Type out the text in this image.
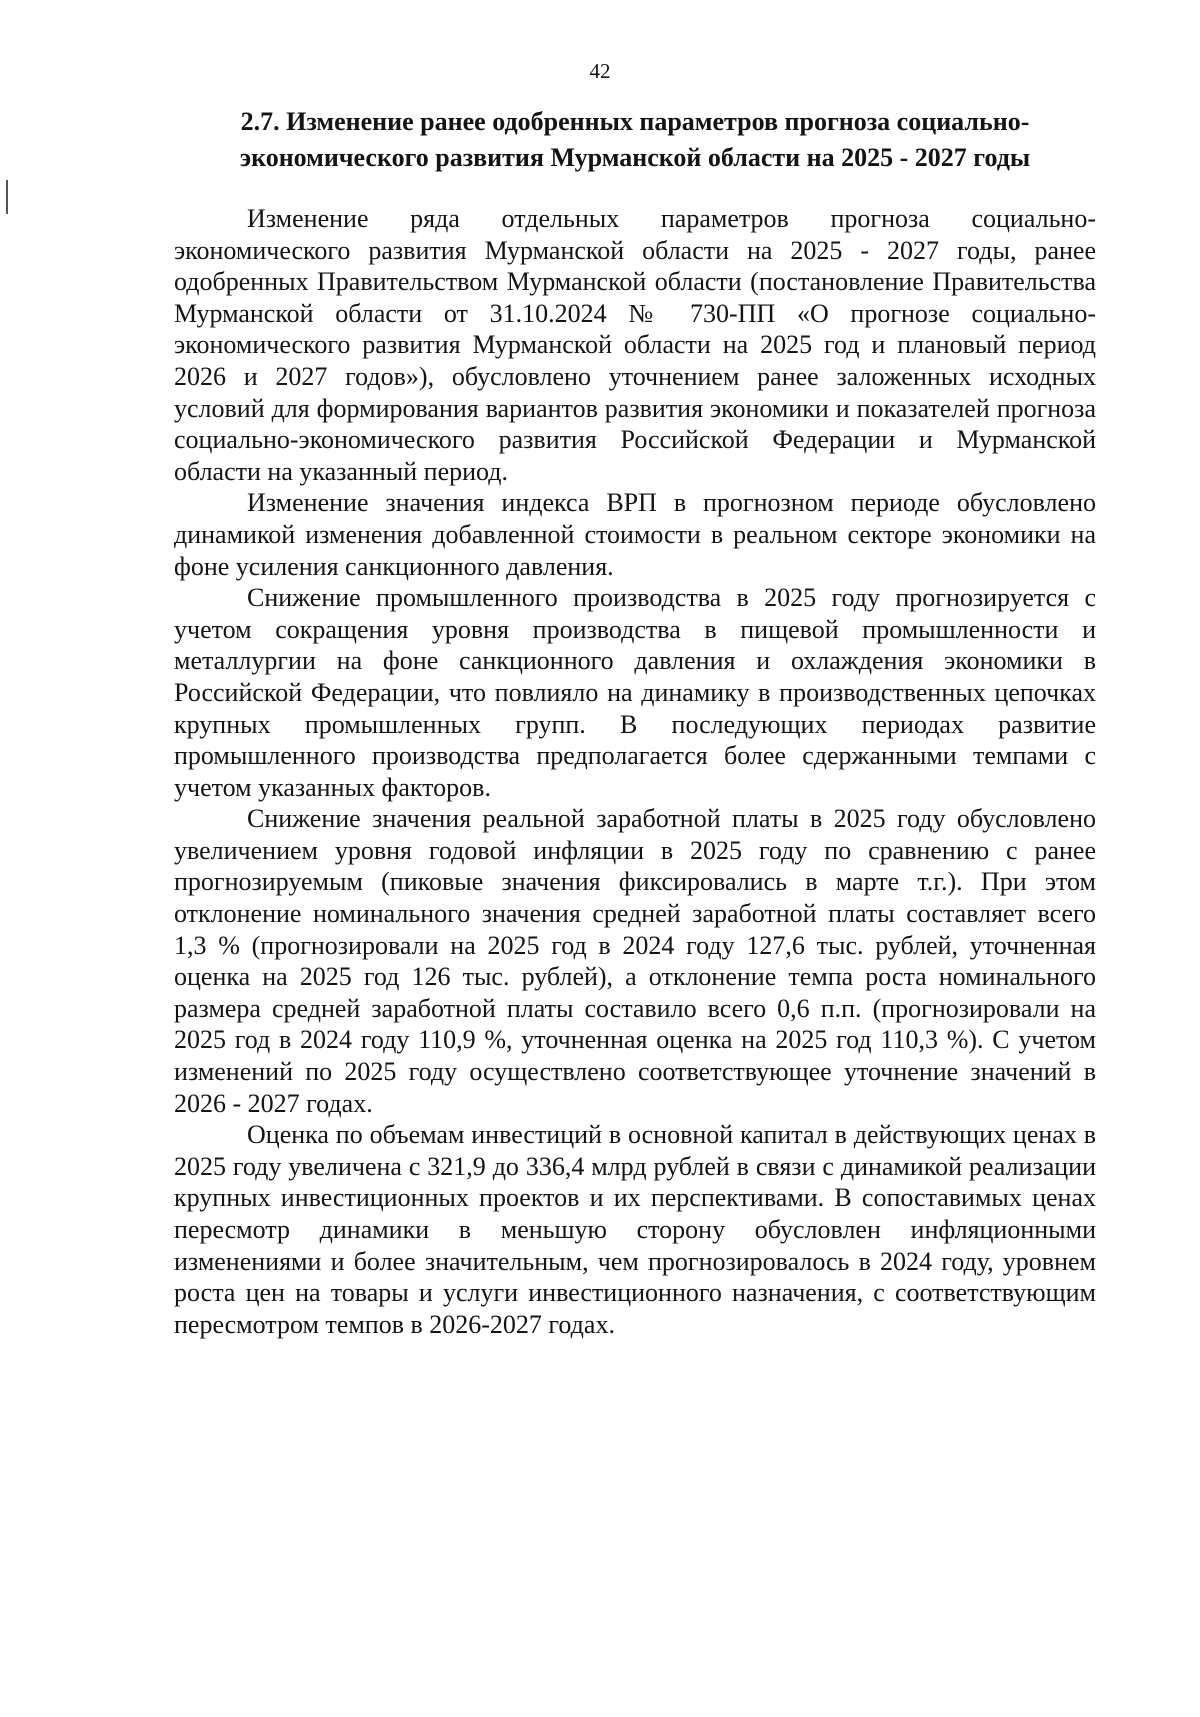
42
2.7. Изменение ранее одобренных параметров прогноза социально-экономического развития Мурманской области на 2025 - 2027 годы

Изменение ряда отдельных параметров прогноза социально-экономического развития Мурманской области на 2025 - 2027 годы, ранее одобренных Правительством Мурманской области (постановление Правительства Мурманской области от 31.10.2024 № 730-ПП «О прогнозе социально-экономического развития Мурманской области на 2025 год и плановый период 2026 и 2027 годов»), обусловлено уточнением ранее заложенных исходных условий для формирования вариантов развития экономики и показателей прогноза социально-экономического развития Российской Федерации и Мурманской области на указанный период.

Изменение значения индекса ВРП в прогнозном периоде обусловлено динамикой изменения добавленной стоимости в реальном секторе экономики на фоне усиления санкционного давления.

Снижение промышленного производства в 2025 году прогнозируется с учетом сокращения уровня производства в пищевой промышленности и металлургии на фоне санкционного давления и охлаждения экономики в Российской Федерации, что повлияло на динамику в производственных цепочках крупных промышленных групп. В последующих периодах развитие промышленного производства предполагается более сдержанными темпами с учетом указанных факторов.

Снижение значения реальной заработной платы в 2025 году обусловлено увеличением уровня годовой инфляции в 2025 году по сравнению с ранее прогнозируемым (пиковые значения фиксировались в марте т.г.). При этом отклонение номинального значения средней заработной платы составляет всего 1,3 % (прогнозировали на 2025 год в 2024 году 127,6 тыс. рублей, уточненная оценка на 2025 год 126 тыс. рублей), а отклонение темпа роста номинального размера средней заработной платы составило всего 0,6 п.п. (прогнозировали на 2025 год в 2024 году 110,9 %, уточненная оценка на 2025 год 110,3 %). С учетом изменений по 2025 году осуществлено соответствующее уточнение значений в 2026 - 2027 годах.

Оценка по объемам инвестиций в основной капитал в действующих ценах в 2025 году увеличена с 321,9 до 336,4 млрд рублей в связи с динамикой реализации крупных инвестиционных проектов и их перспективами. В сопоставимых ценах пересмотр динамики в меньшую сторону обусловлен инфляционными изменениями и более значительным, чем прогнозировалось в 2024 году, уровнем роста цен на товары и услуги инвестиционного назначения, с соответствующим пересмотром темпов в 2026-2027 годах.
